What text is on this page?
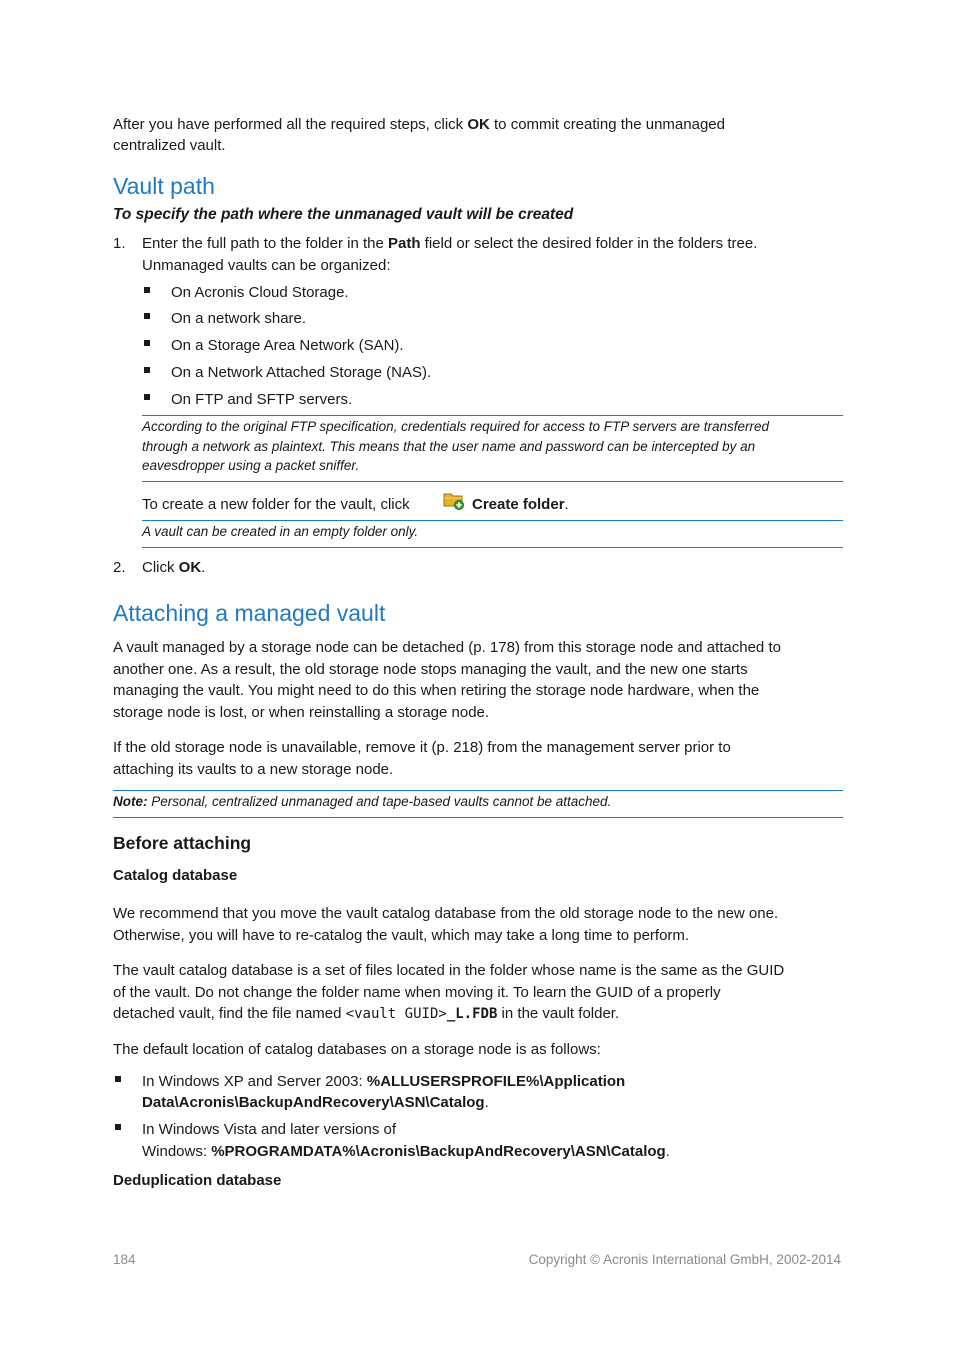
After you have performed all the required steps, click OK to commit creating the unmanaged

centralized vault.

Vault path
To specify the path where the unmanaged vault will be created
1. Enter the full path to the folder in the Path field or select the desired folder in the folders tree.

Unmanaged vaults can be organized:

On Acronis Cloud Storage.

On a network share.

On a Storage Area Network (SAN).

On a Network Attached Storage (NAS).

On FTP and SFTP servers.

According to the original FTP specification, credentials required for access to FTP servers are transferred
through a network as plaintext. This means that the user name and password can be intercepted by an
eavesdropper using a packet sniffer.

To create a new folder for the vault, click	Create folder.

A vault can be created in an empty folder only.
2. Click OK.

Attaching a managed vault

A vault managed by a storage node can be detached (p. 178) from this storage node and attached to

another one. As a result, the old storage node stops managing the vault, and the new one starts

managing the vault. You might need to do this when retiring the storage node hardware, when the

storage node is lost, or when reinstalling a storage node.

If the old storage node is unavailable, remove it (p. 218) from the management server prior to

attaching its vaults to a new storage node.

Note: Personal, centralized unmanaged and tape-based vaults cannot be attached.
Before attaching
Catalog database

We recommend that you move the vault catalog database from the old storage node to the new one.

Otherwise, you will have to re-catalog the vault, which may take a long time to perform.

The vault catalog database is a set of files located in the folder whose name is the same as the GUID

of the vault. Do not change the folder name when moving it. To learn the GUID of a properly

detached vault, find the file named <vault GUID>_L.FDB in the vault folder.

The default location of catalog databases on a storage node is as follows:

In Windows XP and Server 2003: %ALLUSERSPROFILE%\Application

Data\Acronis\BackupAndRecovery\ASN\Catalog.

In Windows Vista and later versions of

Windows: %PROGRAMDATA%\Acronis\BackupAndRecovery\ASN\Catalog.

Deduplication database
184	Copyright © Acronis International GmbH, 2002-2014
